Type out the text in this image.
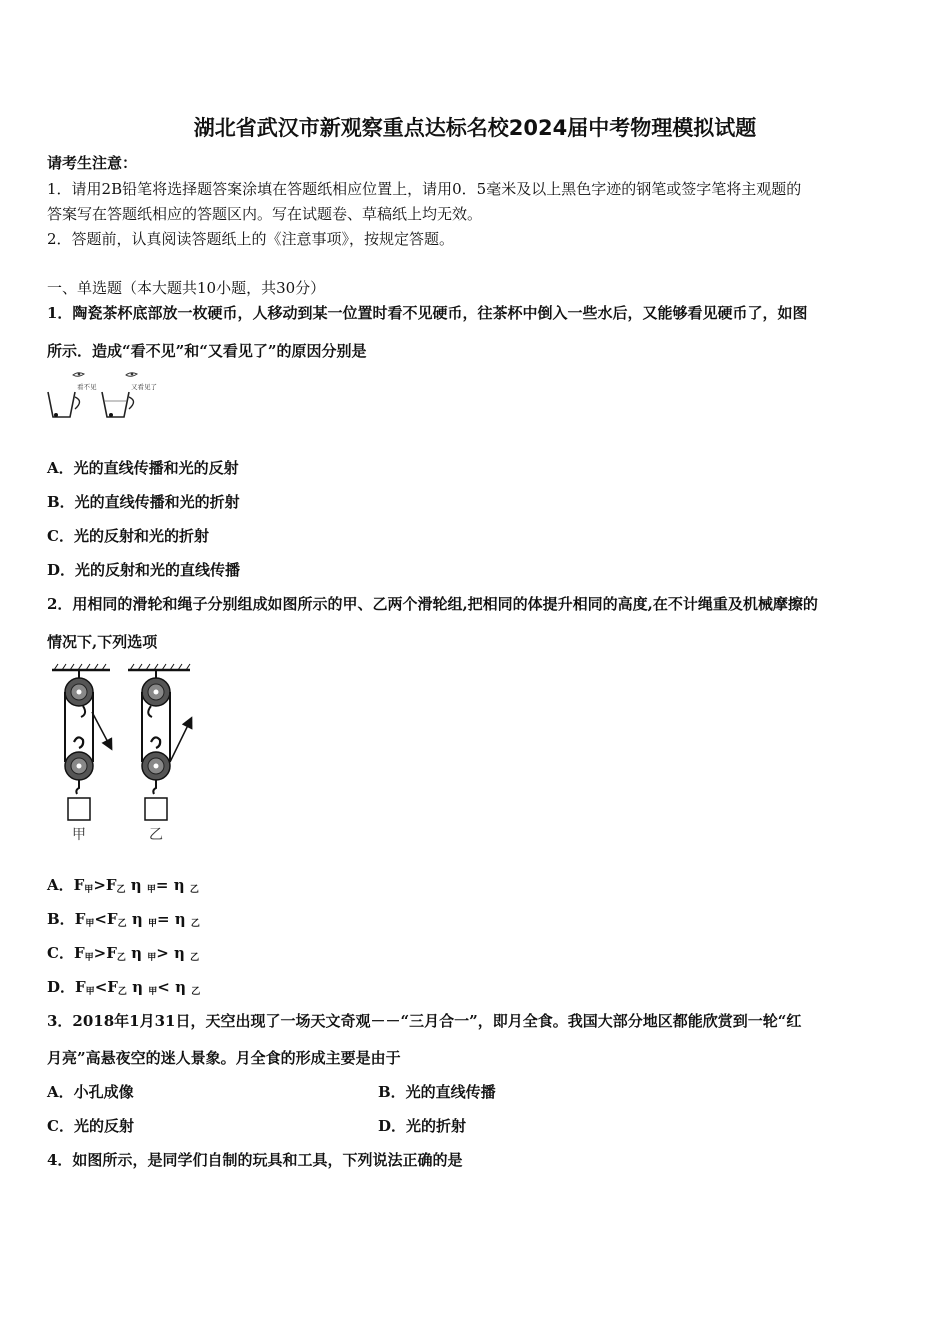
湖北省武汉市新观察重点达标名校2024届中考物理模拟试题
请考生注意：
1．请用2B铅笔将选择题答案涂填在答题纸相应位置上，请用0．5毫米及以上黑色字迹的钢笔或签字笔将主观题的
答案写在答题纸相应的答题区内。写在试题卷、草稿纸上均无效。
2．答题前，认真阅读答题纸上的《注意事项》，按规定答题。
一、单选题（本大题共10小题，共30分）
1．陶瓷茶杯底部放一枚硬币，人移动到某一位置时看不见硬币，往茶杯中倒入一些水后，又能够看见硬币了，如图
所示．造成“看不见”和“又看见了”的原因分别是
看不见	又看见了
A．光的直线传播和光的反射
B．光的直线传播和光的折射
C．光的反射和光的折射
D．光的反射和光的直线传播
2．用相同的滑轮和绳子分别组成如图所示的甲、乙两个滑轮组,把相同的体提升相同的高度,在不计绳重及机械摩擦的
情况下,下列选项
甲	乙
A．$F_甲>F_乙$ η $_甲$= η $_乙$
B．$F_甲<F_乙$ η $_甲$= η $_乙$
C．$F_甲>F_乙$ η $_甲$> η $_乙$
D．$F_甲<F_乙$ η $_甲$< η $_乙$
3．2018年1月31日，天空出现了一场天文奇观－－“三月合一”，即月全食。我国大部分地区都能欣赏到一轮“红
月亮”高悬夜空的迷人景象。月全食的形成主要是由于
A．小孔成像	B．光的直线传播
C．光的反射	D．光的折射
4．如图所示，是同学们自制的玩具和工具，下列说法正确的是
